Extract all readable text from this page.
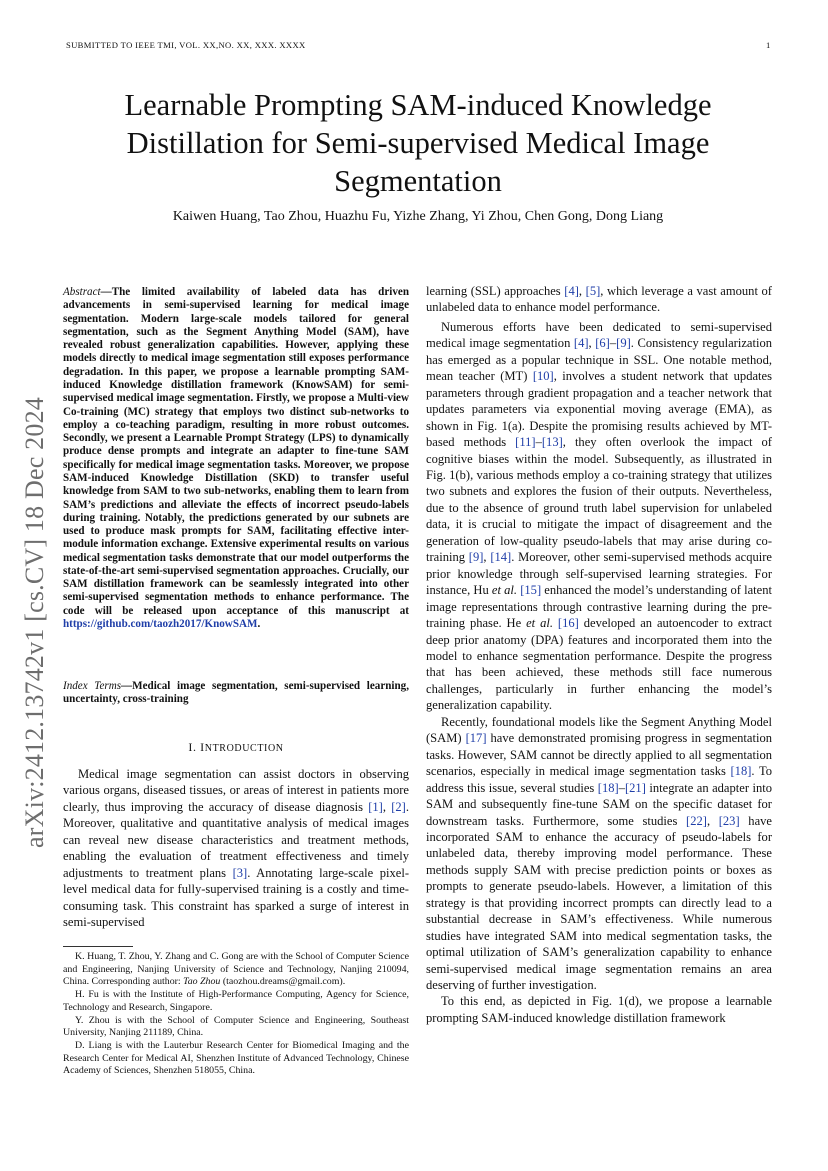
SUBMITTED TO IEEE TMI, VOL. XX,NO. XX, XXX. XXXX	1
arXiv:2412.13742v1 [cs.CV] 18 Dec 2024
Learnable Prompting SAM-induced Knowledge Distillation for Semi-supervised Medical Image Segmentation
Kaiwen Huang, Tao Zhou, Huazhu Fu, Yizhe Zhang, Yi Zhou, Chen Gong, Dong Liang

Abstract—The limited availability of labeled data has driven advancements in semi-supervised learning for medical image segmentation. Modern large-scale models tailored for general segmentation, such as the Segment Anything Model (SAM), have revealed robust generalization capabilities. However, applying these models directly to medical image segmentation still exposes performance degradation. In this paper, we propose a learnable prompting SAM-induced Knowledge distillation framework (KnowSAM) for semi-supervised medical image segmentation. Firstly, we propose a Multi-view Co-training (MC) strategy that employs two distinct sub-networks to employ a co-teaching paradigm, resulting in more robust outcomes. Secondly, we present a Learnable Prompt Strategy (LPS) to dynamically produce dense prompts and integrate an adapter to fine-tune SAM specifically for medical image segmentation tasks. Moreover, we propose SAM-induced Knowledge Distillation (SKD) to transfer useful knowledge from SAM to two sub-networks, enabling them to learn from SAM’s predictions and alleviate the effects of incorrect pseudo-labels during training. Notably, the predictions generated by our subnets are used to produce mask prompts for SAM, facilitating effective inter-module information exchange. Extensive experimental results on various medical segmentation tasks demonstrate that our model outperforms the state-of-the-art semi-supervised segmentation approaches. Crucially, our SAM distillation framework can be seamlessly integrated into other semi-supervised segmentation methods to enhance performance. The code will be released upon acceptance of this manuscript at https://github.com/taozh2017/KnowSAM.

Index Terms—Medical image segmentation, semi-supervised learning, uncertainty, cross-training

I. INTRODUCTION

Medical image segmentation can assist doctors in observing various organs, diseased tissues, or areas of interest in patients more clearly, thus improving the accuracy of disease diagnosis [1], [2]. Moreover, qualitative and quantitative analysis of medical images can reveal new disease characteristics and treatment methods, enabling the evaluation of treatment effectiveness and timely adjustments to treatment plans [3]. Annotating large-scale pixel-level medical data for fully-supervised training is a costly and time-consuming task. This constraint has sparked a surge of interest in semi-supervised

K. Huang, T. Zhou, Y. Zhang and C. Gong are with the School of Computer Science and Engineering, Nanjing University of Science and Technology, Nanjing 210094, China. Corresponding author: Tao Zhou (taozhou.dreams@gmail.com).

H. Fu is with the Institute of High-Performance Computing, Agency for Science, Technology and Research, Singapore.

Y. Zhou is with the School of Computer Science and Engineering, Southeast University, Nanjing 211189, China.

D. Liang is with the Lauterbur Research Center for Biomedical Imaging and the Research Center for Medical AI, Shenzhen Institute of Advanced Technology, Chinese Academy of Sciences, Shenzhen 518055, China.

learning (SSL) approaches [4], [5], which leverage a vast amount of unlabeled data to enhance model performance.

Numerous efforts have been dedicated to semi-supervised medical image segmentation [4], [6]–[9]. Consistency regularization has emerged as a popular technique in SSL. One notable method, mean teacher (MT) [10], involves a student network that updates parameters through gradient propagation and a teacher network that updates parameters via exponential moving average (EMA), as shown in Fig. 1(a). Despite the promising results achieved by MT-based methods [11]–[13], they often overlook the impact of cognitive biases within the model. Subsequently, as illustrated in Fig. 1(b), various methods employ a co-training strategy that utilizes two subnets and explores the fusion of their outputs. Nevertheless, due to the absence of ground truth label supervision for unlabeled data, it is crucial to mitigate the impact of disagreement and the generation of low-quality pseudo-labels that may arise during co-training [9], [14]. Moreover, other semi-supervised methods acquire prior knowledge through self-supervised learning strategies. For instance, Hu et al. [15] enhanced the model’s understanding of latent image representations through contrastive learning during the pre-training phase. He et al. [16] developed an autoencoder to extract deep prior anatomy (DPA) features and incorporated them into the model to enhance segmentation performance. Despite the progress that has been achieved, these methods still face numerous challenges, particularly in further enhancing the model’s generalization capability.

Recently, foundational models like the Segment Anything Model (SAM) [17] have demonstrated promising progress in segmentation tasks. However, SAM cannot be directly applied to all segmentation scenarios, especially in medical image segmentation tasks [18]. To address this issue, several studies [18]–[21] integrate an adapter into SAM and subsequently fine-tune SAM on the specific dataset for downstream tasks. Furthermore, some studies [22], [23] have incorporated SAM to enhance the accuracy of pseudo-labels for unlabeled data, thereby improving model performance. These methods supply SAM with precise prediction points or boxes as prompts to generate pseudo-labels. However, a limitation of this strategy is that providing incorrect prompts can directly lead to a substantial decrease in SAM’s effectiveness. While numerous studies have integrated SAM into medical segmentation tasks, the optimal utilization of SAM’s generalization capability to enhance semi-supervised medical image segmentation remains an area deserving of further investigation.

To this end, as depicted in Fig. 1(d), we propose a learnable prompting SAM-induced knowledge distillation framework
